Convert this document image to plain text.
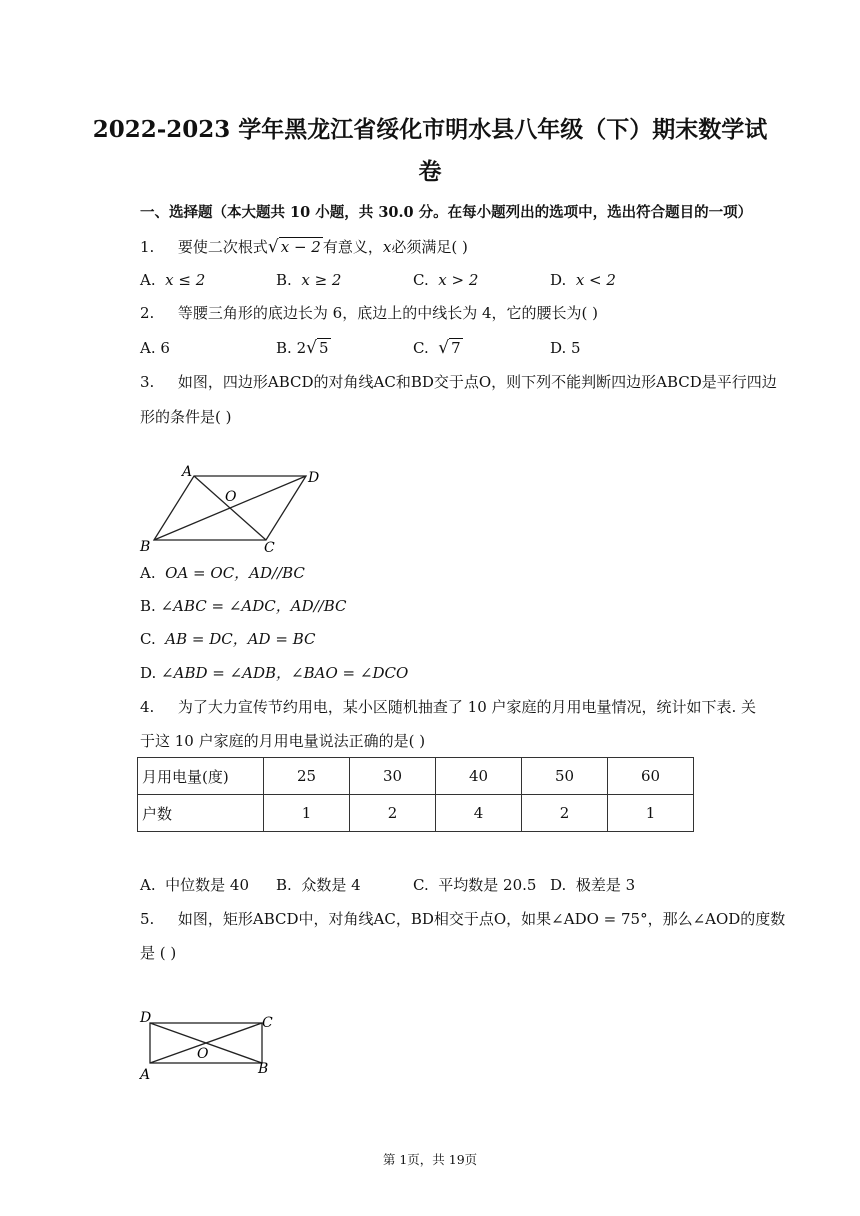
2022-2023 学年黑龙江省绥化市明水县八年级（下）期末数学试
卷
一、选择题（本大题共 10 小题，共 30.0 分。在每小题列出的选项中，选出符合题目的一项）
1. 要使二次根式√ x − 2 有意义，x必须满足( )
A. x ≤ 2	B. x ≥ 2	C. x > 2	D. x < 2
2. 等腰三角形的底边长为 6，底边上的中线长为 4，它的腰长为( )
A. 6	B. 2√ 5	C. √ 7	D. 5
3. 如图，四边形ABCD的对角线AC和BD交于点O，则下列不能判断四边形ABCD是平行四边
形的条件是( )
A	D
O
B	C
A. OA = OC，AD//BC
B. ∠ABC = ∠ADC，AD//BC
C. AB = DC，AD = BC
D. ∠ABD = ∠ADB，∠BAO = ∠DCO
4. 为了大力宣传节约用电，某小区随机抽查了 10 户家庭的月用电量情况，统计如下表. 关
于这 10 户家庭的月用电量说法正确的是( )
月用电量(度)	25	30	40	50	60
户数	1	2	4	2	1
A. 中位数是 40 B. 众数是 4	C. 平均数是 20.5 D. 极差是 3
5. 如图，矩形ABCD中，对角线AC，BD相交于点O，如果∠ADO = 75°，那么∠AOD的度数
是 ( )
D	C
O
A	B
第 1页，共 19页
